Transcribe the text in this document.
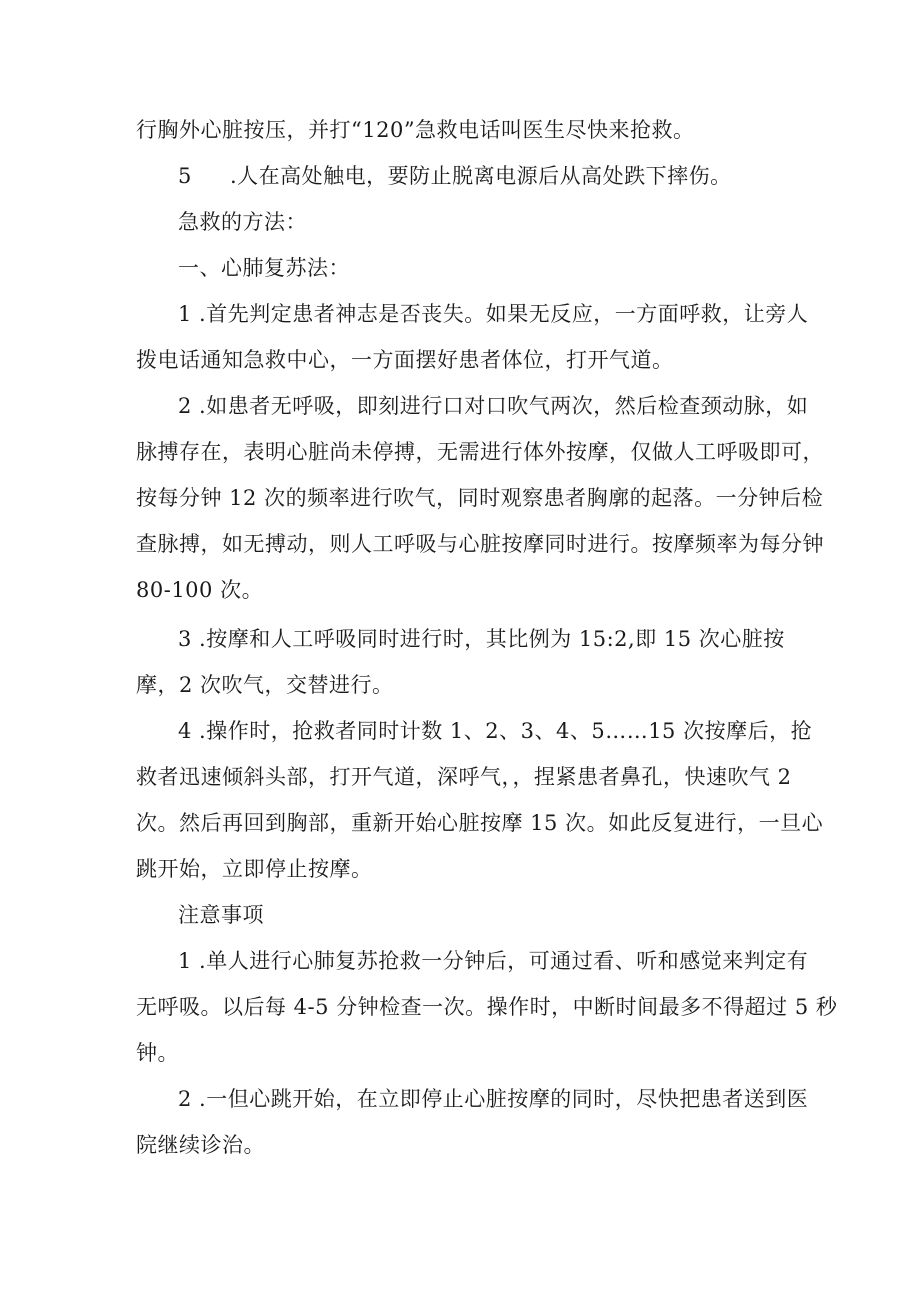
行胸外心脏按压，并打“120”急救电话叫医生尽快来抢救。
5 .人在高处触电，要防止脱离电源后从高处跌下摔伤。
急救的方法：
一、心肺复苏法：
1 .首先判定患者神志是否丧失。如果无反应，一方面呼救，让旁人
拨电话通知急救中心，一方面摆好患者体位，打开气道。
2 .如患者无呼吸，即刻进行口对口吹气两次，然后检查颈动脉，如
脉搏存在，表明心脏尚未停搏，无需进行体外按摩，仅做人工呼吸即可，
按每分钟 12 次的频率进行吹气，同时观察患者胸廓的起落。一分钟后检
查脉搏，如无搏动，则人工呼吸与心脏按摩同时进行。按摩频率为每分钟
80-100 次。
3 .按摩和人工呼吸同时进行时，其比例为 15:2,即 15 次心脏按
摩，2 次吹气，交替进行。
4 .操作时，抢救者同时计数 1、2、3、4、5……15 次按摩后，抢
救者迅速倾斜头部，打开气道，深呼气，，捏紧患者鼻孔，快速吹气 2
次。然后再回到胸部，重新开始心脏按摩 15 次。如此反复进行，一旦心
跳开始，立即停止按摩。
注意事项
1 .单人进行心肺复苏抢救一分钟后，可通过看、听和感觉来判定有
无呼吸。以后每 4-5 分钟检查一次。操作时，中断时间最多不得超过 5 秒
钟。
2 .一但心跳开始，在立即停止心脏按摩的同时，尽快把患者送到医
院继续诊治。
